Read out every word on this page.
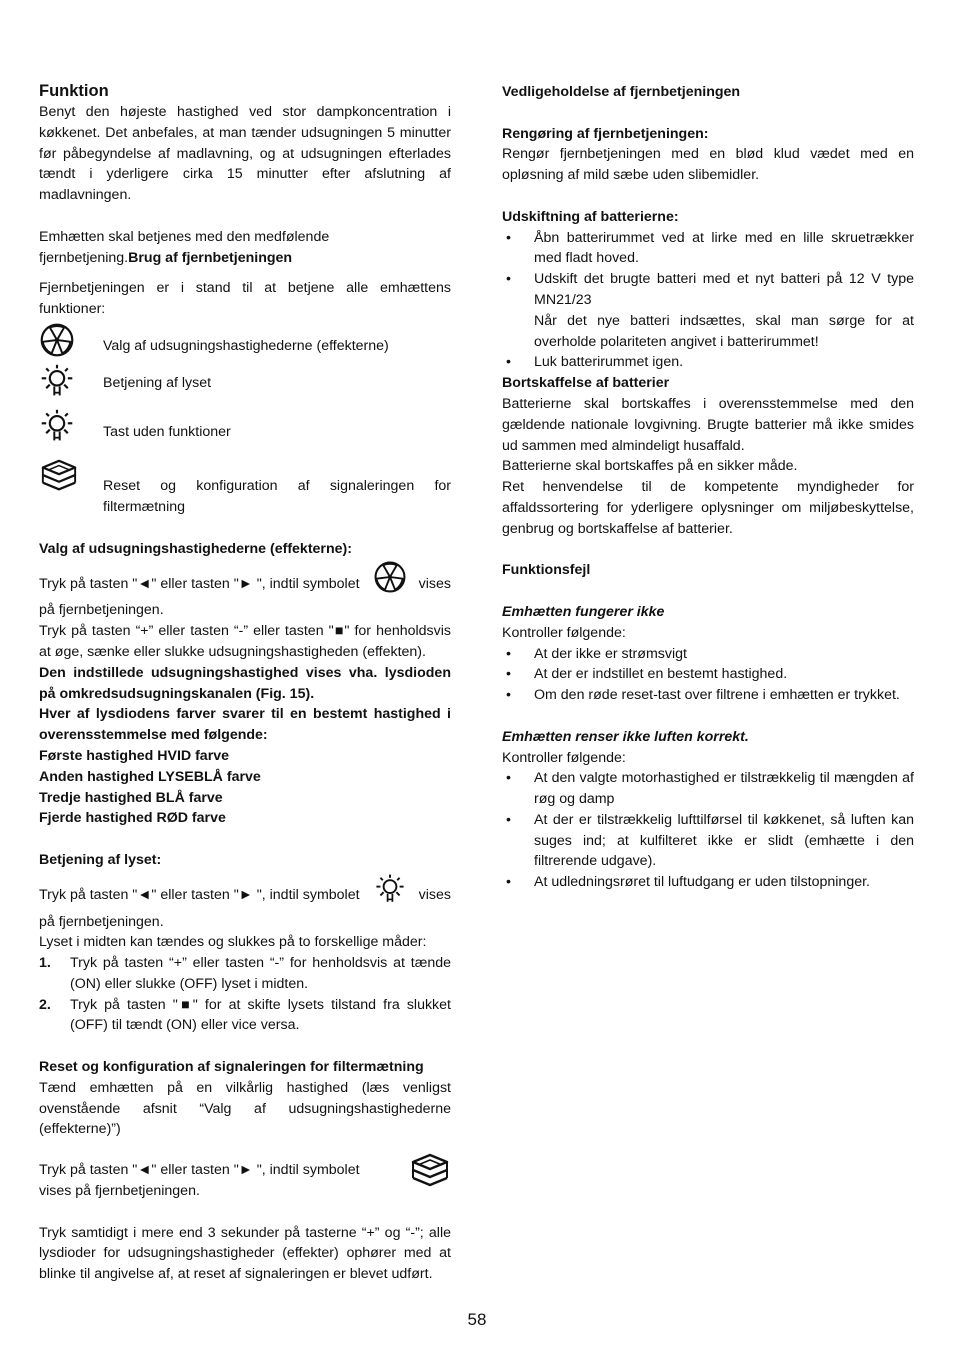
Funktion

Benyt den højeste hastighed ved stor dampkoncentration i køkkenet. Det anbefales, at man tænder udsugningen 5 minutter før påbegyndelse af madlavning, og at udsugningen efterlades tændt i yderligere cirka 15 minutter efter afslutning af madlavningen.

Emhætten skal betjenes med den medfølende fjernbetjening.Brug af fjernbetjeningen

Fjernbetjeningen er i stand til at betjene alle emhættens funktioner:

Valg af udsugningshastighederne (effekterne)
Betjening af lyset
Tast uden funktioner
Reset og konfiguration af signaleringen for filtermætning

Valg af udsugningshastighederne (effekterne):

Tryk på tasten "◄" eller tasten "► ", indtil symbolet	vises

på fjernbetjeningen.

Tryk på tasten “+” eller tasten “-” eller tasten "■" for henholdsvis at øge, sænke eller slukke udsugningshastigheden (effekten).

Den indstillede udsugningshastighed vises vha. lysdioden på omkredsudsugningskanalen (Fig. 15).

Hver af lysdiodens farver svarer til en bestemt hastighed i overensstemmelse med følgende:

Første hastighed HVID farve

Anden hastighed LYSEBLÅ farve

Tredje hastighed BLÅ farve

Fjerde hastighed RØD farve

Betjening af lyset:

Tryk på tasten "◄" eller tasten "► ", indtil symbolet	vises

på fjernbetjeningen.

Lyset i midten kan tændes og slukkes på to forskellige måder:

1.	Tryk på tasten “+” eller tasten “-” for henholdsvis at tænde (ON) eller slukke (OFF) lyset i midten.
2.	Tryk på tasten "■" for at skifte lysets tilstand fra slukket (OFF) til tændt (ON) eller vice versa.

Reset og konfiguration af signaleringen for filtermætning

Tænd emhætten på en vilkårlig hastighed (læs venligst ovenstående afsnit “Valg af udsugningshastighederne (effekterne)”)

Tryk på tasten "◄" eller tasten "► ", indtil symbolet

vises på fjernbetjeningen.

Tryk samtidigt i mere end 3 sekunder på tasterne “+” og “-”; alle lysdioder for udsugningshastigheder (effekter) ophører med at blinke til angivelse af, at reset af signaleringen er blevet udført.

Vedligeholdelse af fjernbetjeningen

Rengøring af fjernbetjeningen:

Rengør fjernbetjeningen med en blød klud vædet med en opløsning af mild sæbe uden slibemidler.

Udskiftning af batterierne:

•	Åbn batterirummet ved at lirke med en lille skruetrækker med fladt hoved.
•	Udskift det brugte batteri med et nyt batteri på 12 V type MN21/23
Når det nye batteri indsættes, skal man sørge for at overholde polariteten angivet i batterirummet!
•	Luk batterirummet igen.

Bortskaffelse af batterier

Batterierne skal bortskaffes i overensstemmelse med den gældende nationale lovgivning. Brugte batterier må ikke smides ud sammen med almindeligt husaffald.

Batterierne skal bortskaffes på en sikker måde.

Ret henvendelse til de kompetente myndigheder for affaldssortering for yderligere oplysninger om miljøbeskyttelse, genbrug og bortskaffelse af batterier.

Funktionsfejl

Emhætten fungerer ikke

Kontroller følgende:

•	At der ikke er strømsvigt
•	At der er indstillet en bestemt hastighed.
•	Om den røde reset-tast over filtrene i emhætten er trykket.

Emhætten renser ikke luften korrekt.

Kontroller følgende:

•	At den valgte motorhastighed er tilstrækkelig til mængden af røg og damp
•	At der er tilstrækkelig lufttilførsel til køkkenet, så luften kan suges ind; at kulfilteret ikke er slidt (emhætte i den filtrerende udgave).
•	At udledningsrøret til luftudgang er uden tilstopninger.
58
